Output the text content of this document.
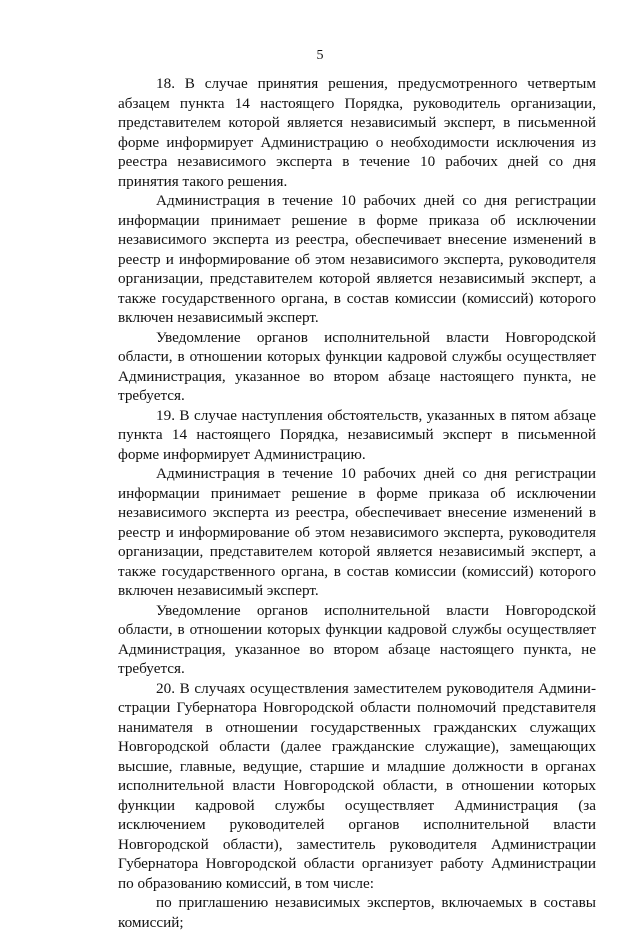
5

18. В случае принятия решения, предусмотренного четвертым абзацем пункта 14 настоящего Порядка, руководитель организации, представителем которой является независимый эксперт, в письменной форме информирует Администрацию о необходимости исключения из реестра независимого эксперта в течение 10 рабочих дней со дня принятия такого решения.

Администрация в течение 10 рабочих дней со дня регистрации информации принимает решение в форме приказа об исключении независимого эксперта из реестра, обеспечивает внесение изменений в реестр и информирование об этом независимого эксперта, руководителя организации, представителем которой является независимый эксперт, а также государственного органа, в состав комиссии (комиссий) которого включен независимый эксперт.

Уведомление органов исполнительной власти Новгородской области, в отношении которых функции кадровой службы осуществляет Администрация, указанное во втором абзаце настоящего пункта, не требуется.

19. В случае наступления обстоятельств, указанных в пятом абзаце пункта 14 настоящего Порядка, независимый эксперт в письменной форме информирует Администрацию.

Администрация в течение 10 рабочих дней со дня регистрации информации принимает решение в форме приказа об исключении независимого эксперта из реестра, обеспечивает внесение изменений в реестр и информирование об этом независимого эксперта, руководителя организации, представителем которой является независимый эксперт, а также государственного органа, в состав комиссии (комиссий) которого включен независимый эксперт.

Уведомление органов исполнительной власти Новгородской области, в отношении которых функции кадровой службы осуществляет Администрация, указанное во втором абзаце настоящего пункта, не требуется.

20. В случаях осуществления заместителем руководителя Администрации Губернатора Новгородской области полномочий представителя нанимателя в отношении государственных гражданских служащих Новгородской области (далее гражданские служащие), замещающих высшие, главные, ведущие, старшие и младшие должности в органах исполнительной власти Новгородской области, в отношении которых функции кадровой службы осуществляет Администрация (за исключением руководителей органов исполнительной власти Новгородской области), заместитель руководителя Администрации Губернатора Новгородской области организует работу Администрации по образованию комиссий, в том числе:

по приглашению независимых экспертов, включаемых в составы комиссий;
